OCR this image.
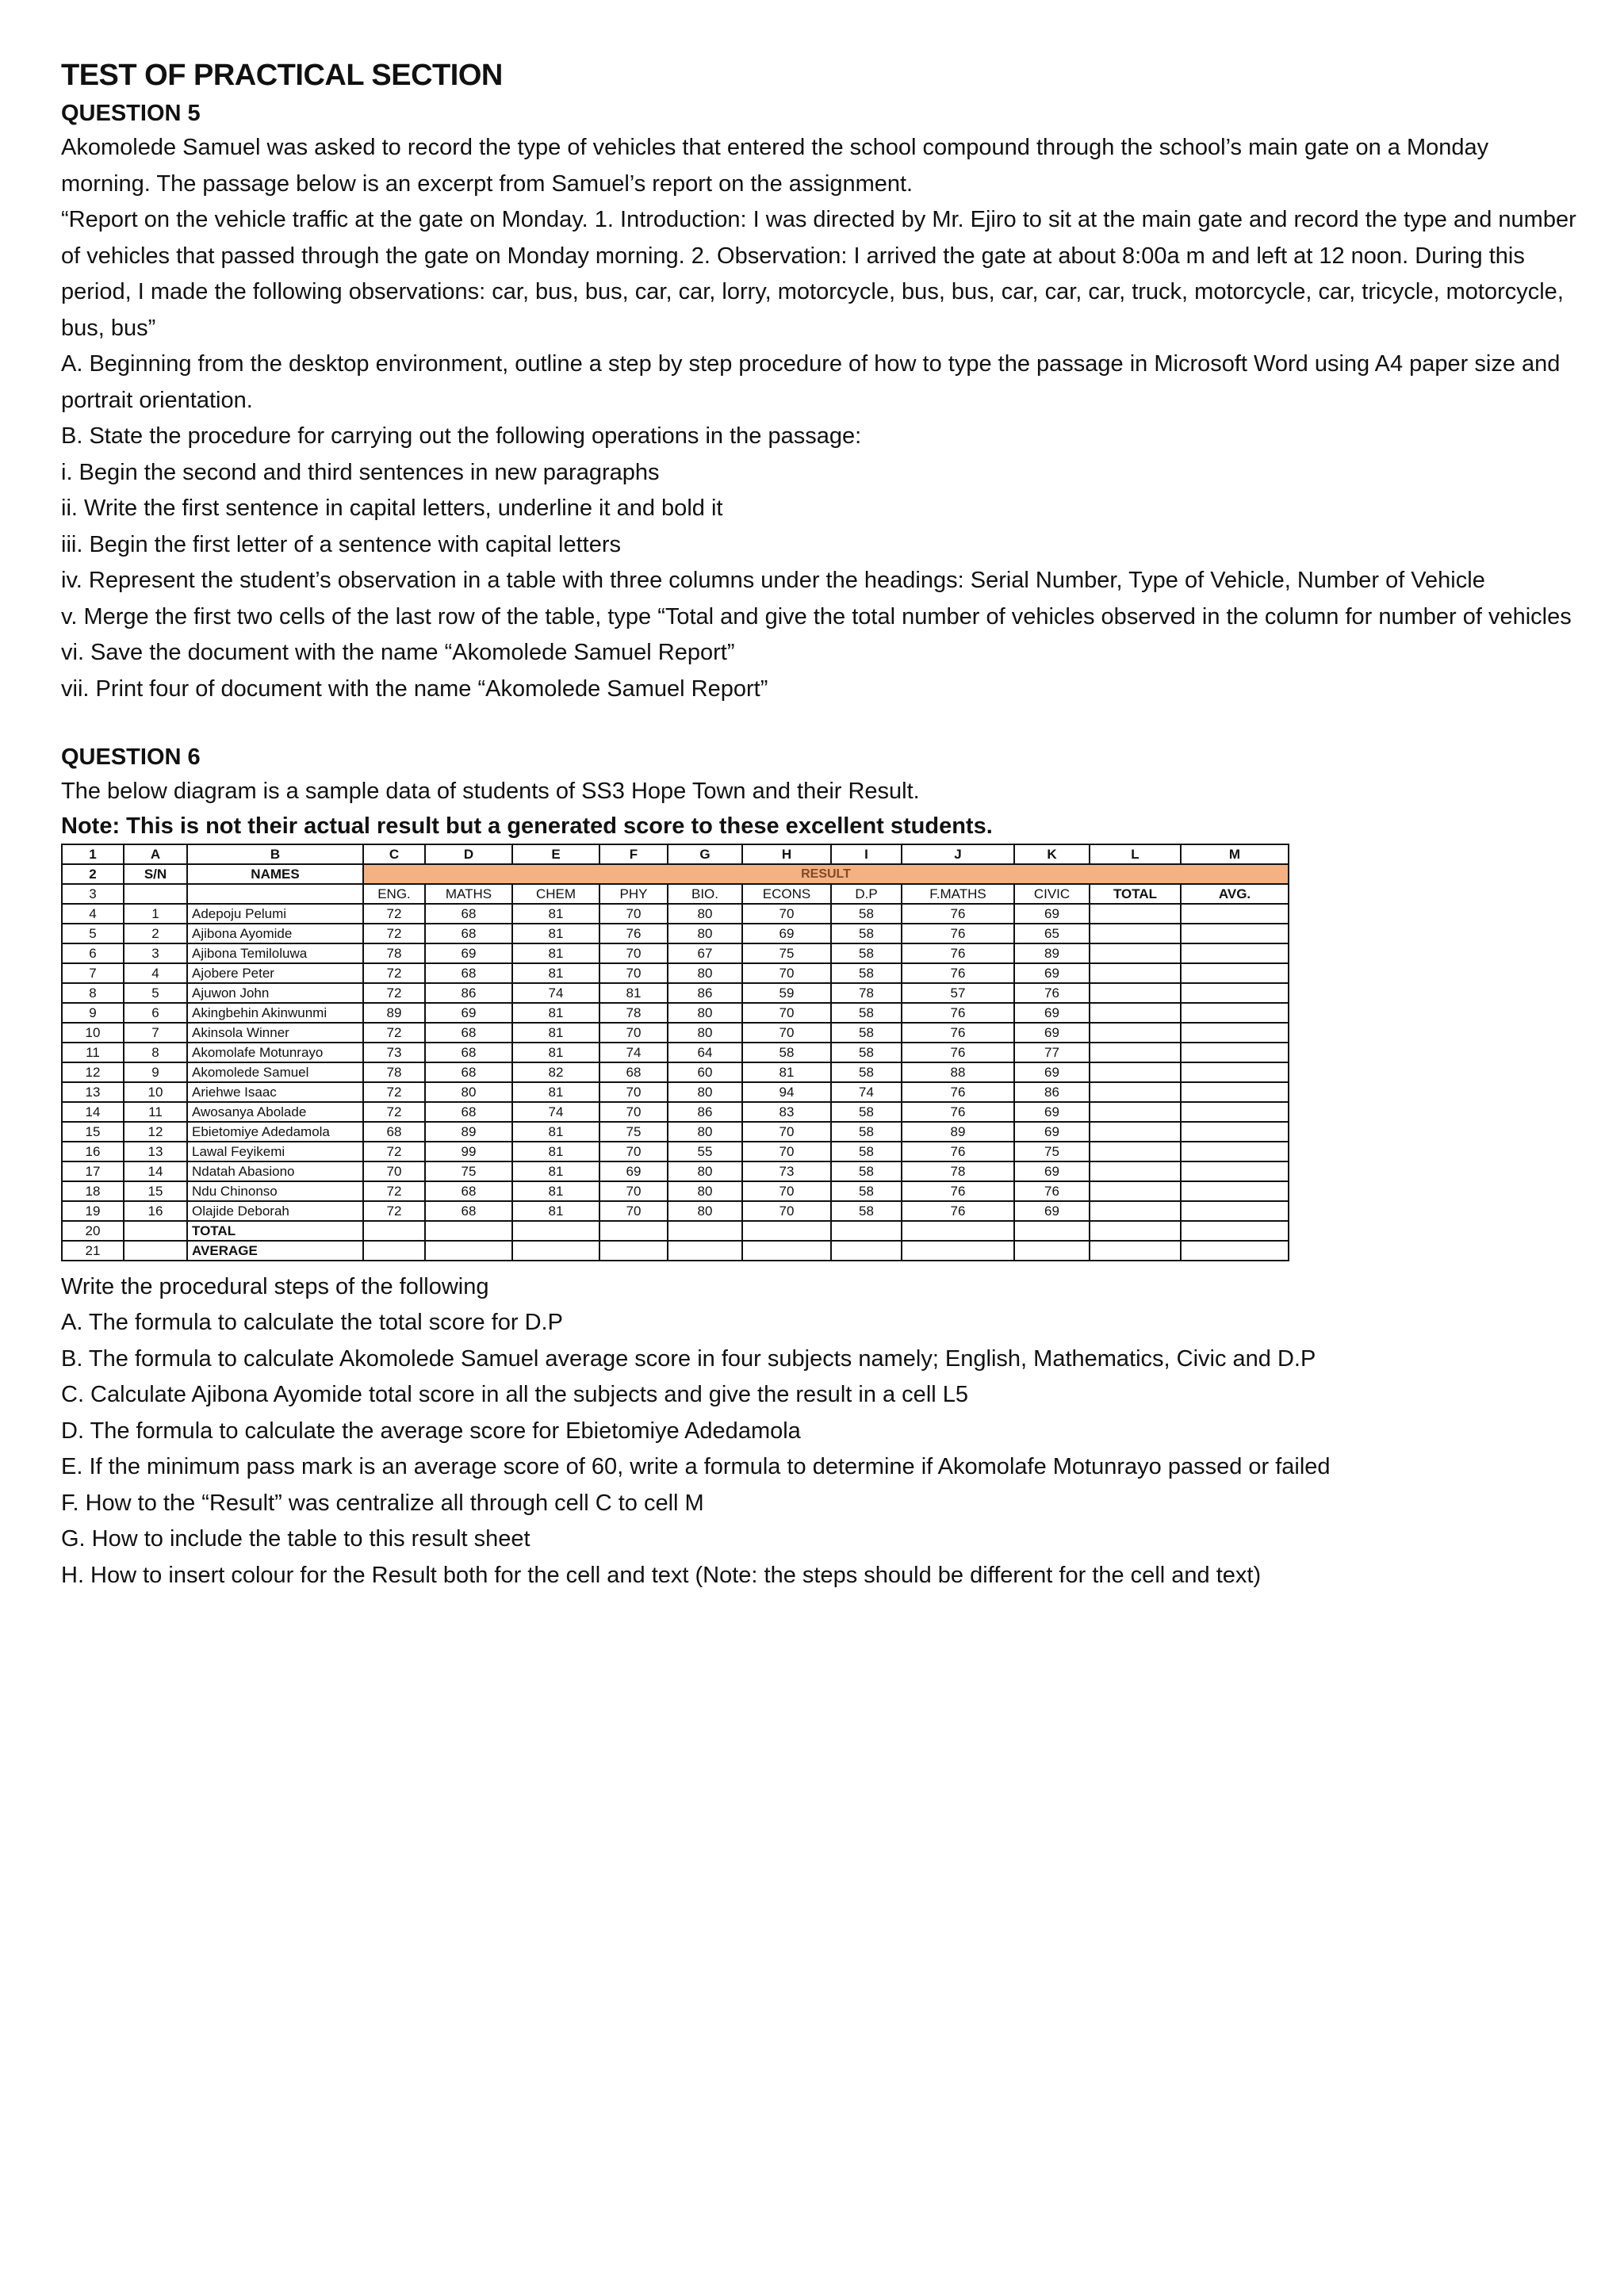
TEST OF PRACTICAL SECTION
QUESTION 5

Akomolede Samuel was asked to record the type of vehicles that entered the school compound through the school’s main gate on a Monday morning. The passage below is an excerpt from Samuel’s report on the assignment.

“Report on the vehicle traffic at the gate on Monday. 1. Introduction: I was directed by Mr. Ejiro to sit at the main gate and record the type and number of vehicles that passed through the gate on Monday morning. 2. Observation: I arrived the gate at about 8:00a m and left at 12 noon. During this period, I made the following observations: car, bus, bus, car, car, lorry, motorcycle, bus, bus, car, car, car, truck, motorcycle, car, tricycle, motorcycle, bus, bus”

A. Beginning from the desktop environment, outline a step by step procedure of how to type the passage in Microsoft Word using A4 paper size and portrait orientation.

B. State the procedure for carrying out the following operations in the passage:

i. Begin the second and third sentences in new paragraphs

ii. Write the first sentence in capital letters, underline it and bold it

iii. Begin the first letter of a sentence with capital letters

iv. Represent the student’s observation in a table with three columns under the headings: Serial Number, Type of Vehicle, Number of Vehicle

v. Merge the first two cells of the last row of the table, type “Total and give the total number of vehicles observed in the column for number of vehicles

vi. Save the document with the name “Akomolede Samuel Report”

vii. Print four of document with the name “Akomolede Samuel Report”

QUESTION 6

The below diagram is a sample data of students of SS3 Hope Town and their Result.

Note: This is not their actual result but a generated score to these excellent students.

1	A	B	C	D	E	F	G	H	I	J	K	L	M
2	S/N	NAMES	RESULT										
3			ENG.	MATHS	CHEM	PHY	BIO.	ECONS	D.P	F.MATHS	CIVIC	TOTAL	AVG.
4	1	Adepoju Pelumi	72	68	81	70	80	70	58	76	69		
5	2	Ajibona Ayomide	72	68	81	76	80	69	58	76	65		
6	3	Ajibona Temiloluwa	78	69	81	70	67	75	58	76	89		
7	4	Ajobere Peter	72	68	81	70	80	70	58	76	69		
8	5	Ajuwon John	72	86	74	81	86	59	78	57	76		
9	6	Akingbehin Akinwunmi	89	69	81	78	80	70	58	76	69		
10	7	Akinsola Winner	72	68	81	70	80	70	58	76	69		
11	8	Akomolafe Motunrayo	73	68	81	74	64	58	58	76	77		
12	9	Akomolede Samuel	78	68	82	68	60	81	58	88	69		
13	10	Ariehwe Isaac	72	80	81	70	80	94	74	76	86		
14	11	Awosanya Abolade	72	68	74	70	86	83	58	76	69		
15	12	Ebietomiye Adedamola	68	89	81	75	80	70	58	89	69		
16	13	Lawal Feyikemi	72	99	81	70	55	70	58	76	75		
17	14	Ndatah Abasiono	70	75	81	69	80	73	58	78	69		
18	15	Ndu Chinonso	72	68	81	70	80	70	58	76	76		
19	16	Olajide Deborah	72	68	81	70	80	70	58	76	69		
20		TOTAL											
21		AVERAGE											

Write the procedural steps of the following

A. The formula to calculate the total score for D.P

B. The formula to calculate Akomolede Samuel average score in four subjects namely; English, Mathematics, Civic and D.P

C. Calculate Ajibona Ayomide total score in all the subjects and give the result in a cell L5

D. The formula to calculate the average score for Ebietomiye Adedamola

E. If the minimum pass mark is an average score of 60, write a formula to determine if Akomolafe Motunrayo passed or failed

F. How to the “Result” was centralize all through cell C to cell M

G. How to include the table to this result sheet

H. How to insert colour for the Result both for the cell and text (Note: the steps should be different for the cell and text)
